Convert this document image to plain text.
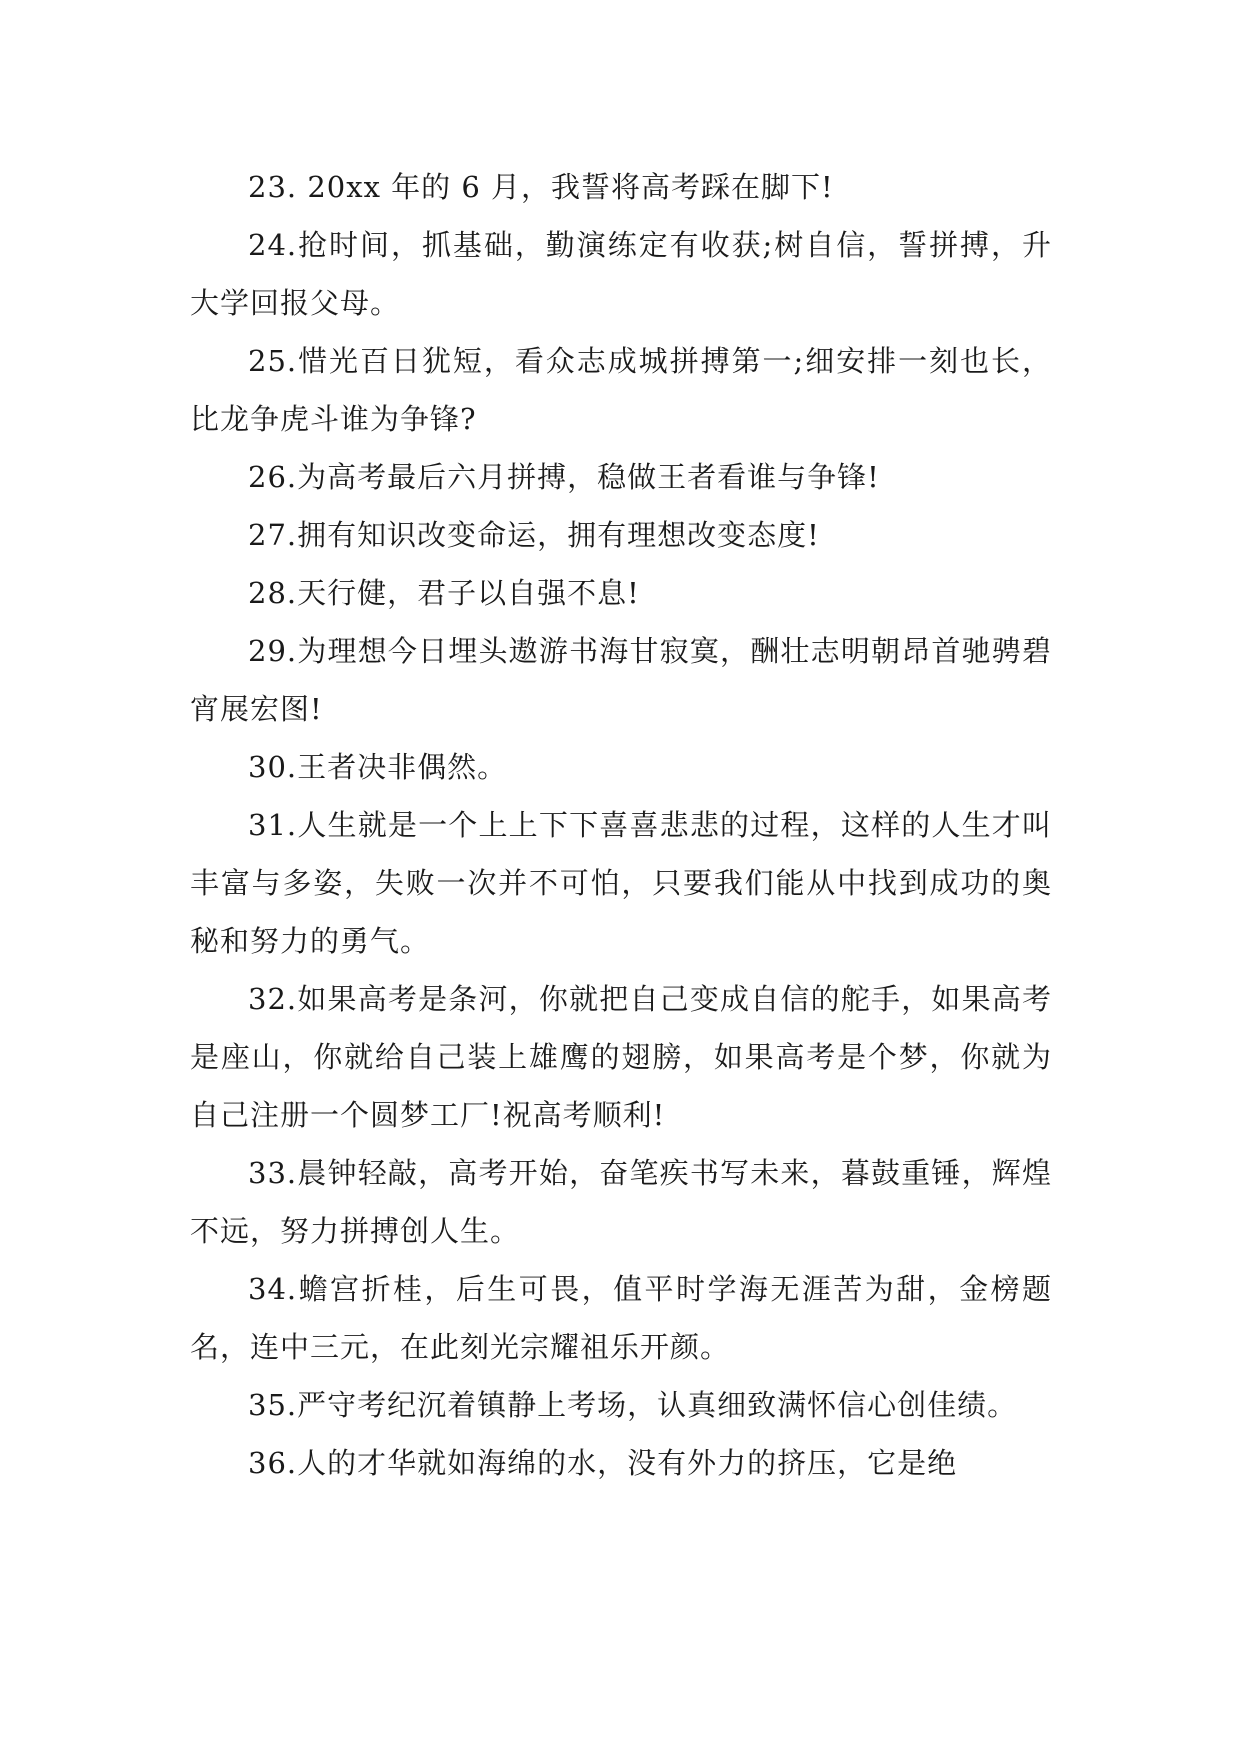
23. 20xx 年的 6 月，我誓将高考踩在脚下!

24.抢时间，抓基础，勤演练定有收获;树自信，誓拼搏，升大学回报父母。

25.惜光百日犹短，看众志成城拼搏第一;细安排一刻也长，比龙争虎斗谁为争锋?

26.为高考最后六月拼搏，稳做王者看谁与争锋!

27.拥有知识改变命运，拥有理想改变态度!

28.天行健，君子以自强不息!

29.为理想今日埋头遨游书海甘寂寞，酬壮志明朝昂首驰骋碧宵展宏图!

30.王者决非偶然。

31.人生就是一个上上下下喜喜悲悲的过程，这样的人生才叫丰富与多姿，失败一次并不可怕，只要我们能从中找到成功的奥秘和努力的勇气。

32.如果高考是条河，你就把自己变成自信的舵手，如果高考是座山，你就给自己装上雄鹰的翅膀，如果高考是个梦，你就为自己注册一个圆梦工厂!祝高考顺利!

33.晨钟轻敲，高考开始，奋笔疾书写未来，暮鼓重锤，辉煌不远，努力拼搏创人生。

34.蟾宫折桂，后生可畏，值平时学海无涯苦为甜，金榜题名，连中三元，在此刻光宗耀祖乐开颜。

35.严守考纪沉着镇静上考场，认真细致满怀信心创佳绩。

36.人的才华就如海绵的水，没有外力的挤压，它是绝
